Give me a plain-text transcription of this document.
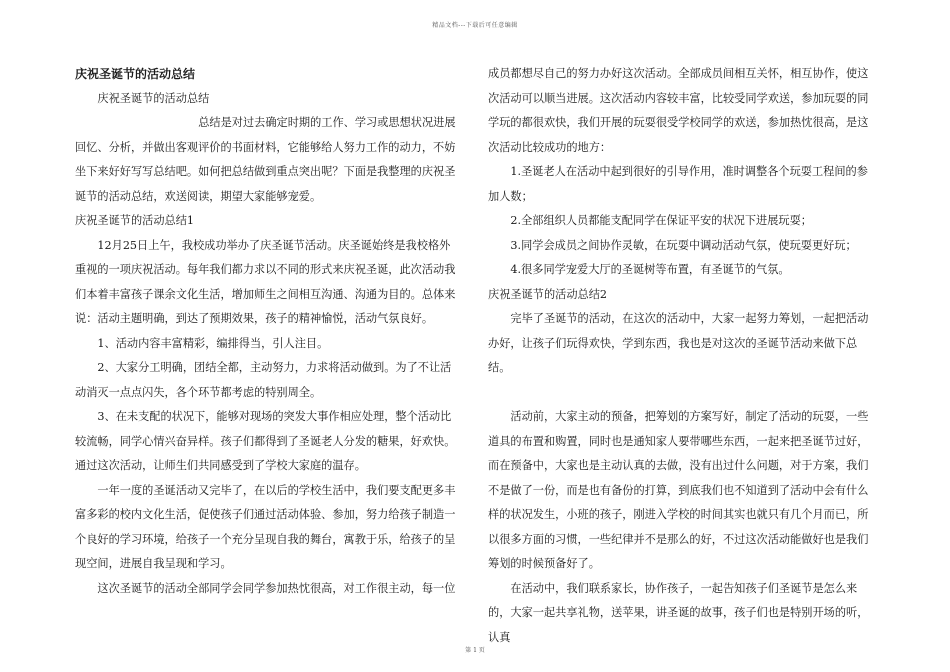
精品文档---下载后可任意编辑

庆祝圣诞节的活动总结

庆祝圣诞节的活动总结

总结是对过去确定时期的工作、学习或思想状况进展回忆、分析，并做出客观评价的书面材料，它能够给人努力工作的动力，不妨坐下来好好写写总结吧。如何把总结做到重点突出呢？下面是我整理的庆祝圣诞节的活动总结，欢送阅读，期望大家能够宠爱。

庆祝圣诞节的活动总结1

12月25日上午，我校成功举办了庆圣诞节活动。庆圣诞始终是我校格外重视的一项庆祝活动。每年我们都力求以不同的形式来庆祝圣诞，此次活动我们本着丰富孩子课余文化生活，增加师生之间相互沟通、沟通为目的。总体来说：活动主题明确，到达了预期效果，孩子的精神愉悦，活动气氛良好。

1、活动内容丰富精彩，编排得当，引人注目。

2、大家分工明确，团结全都，主动努力，力求将活动做到。为了不让活动消灭一点点闪失，各个环节都考虑的特别周全。

3、在未支配的状况下，能够对现场的突发大事作相应处理，整个活动比较流畅，同学心情兴奋异样。孩子们都得到了圣诞老人分发的糖果，好欢快。通过这次活动，让师生们共同感受到了学校大家庭的温存。

一年一度的圣诞活动又完毕了，在以后的学校生活中，我们要支配更多丰富多彩的校内文化生活，促使孩子们通过活动体验、参加，努力给孩子制造一个良好的学习环境，给孩子一个充分呈现自我的舞台，寓教于乐，给孩子的呈现空间，进展自我呈现和学习。

这次圣诞节的活动全部同学会同学参加热忱很高，对工作很主动，每一位

成员都想尽自己的努力办好这次活动。全部成员间相互关怀，相互协作，使这次活动可以顺当进展。这次活动内容较丰富，比较受同学欢送，参加玩耍的同学玩的都很欢快，我们开展的玩耍很受学校同学的欢送，参加热忱很高，是这次活动比较成功的地方：

1.圣诞老人在活动中起到很好的引导作用，准时调整各个玩耍工程间的参加人数；

2.全部组织人员都能支配同学在保证平安的状况下进展玩耍；

3.同学会成员之间协作灵敏，在玩耍中调动活动气氛，使玩耍更好玩；

4.很多同学宠爱大厅的圣诞树等布置，有圣诞节的气氛。

庆祝圣诞节的活动总结2

完毕了圣诞节的活动，在这次的活动中，大家一起努力筹划，一起把活动办好，让孩子们玩得欢快，学到东西，我也是对这次的圣诞节活动来做下总结。

活动前，大家主动的预备，把筹划的方案写好，制定了活动的玩耍，一些道具的布置和购置，同时也是通知家人要带哪些东西，一起来把圣诞节过好，而在预备中，大家也是主动认真的去做，没有出过什么问题，对于方案，我们不是做了一份，而是也有备份的打算，到底我们也不知道到了活动中会有什么样的状况发生，小班的孩子，刚进入学校的时间其实也就只有几个月而已，所以很多方面的习惯，一些纪律并不是那么的好，不过这次活动能做好也是我们筹划的时候预备好了。

在活动中，我们联系家长，协作孩子，一起告知孩子们圣诞节是怎么来的，大家一起共享礼物，送苹果，讲圣诞的故事，孩子们也是特别开场的听，认真

第 1 页
